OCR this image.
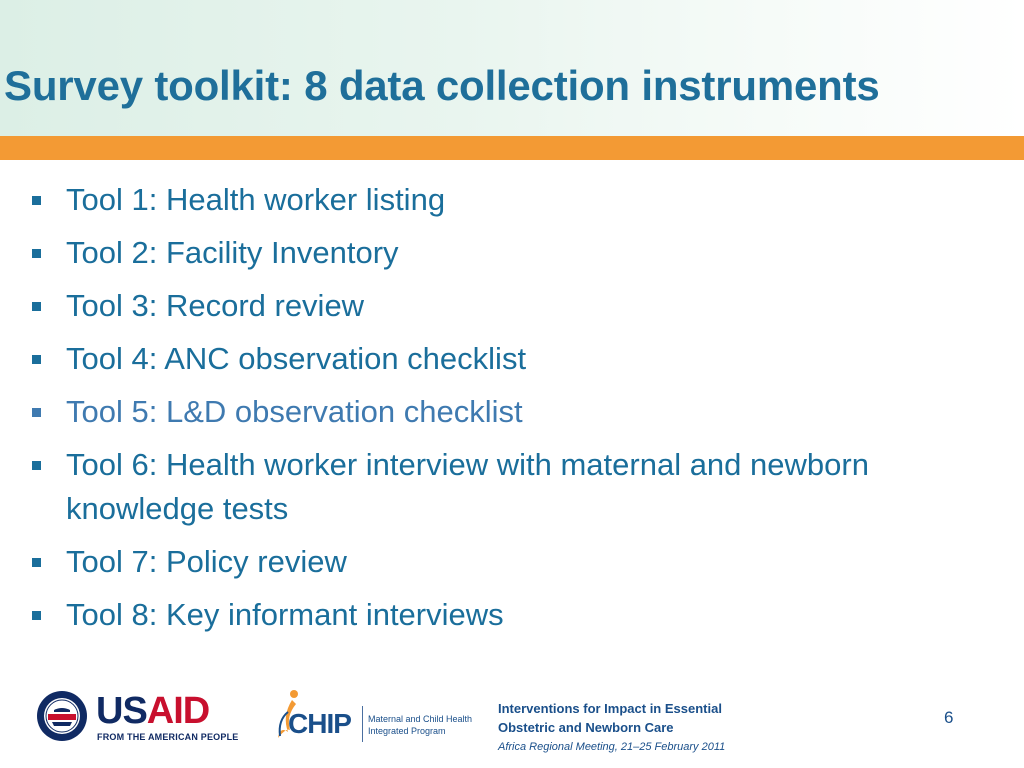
Survey toolkit: 8 data collection instruments
Tool 1: Health worker listing
Tool 2: Facility Inventory
Tool 3: Record review
Tool 4: ANC observation checklist
Tool 5: L&D observation checklist
Tool 6: Health worker interview with maternal and newborn knowledge tests
Tool 7: Policy review
Tool 8: Key informant interviews
USAID
FROM THE AMERICAN PEOPLE CHIP Maternal and Child Health
Integrated Program
Interventions for Impact in Essential
Obstetric and Newborn Care
Africa Regional Meeting, 21–25 February 2011
6
